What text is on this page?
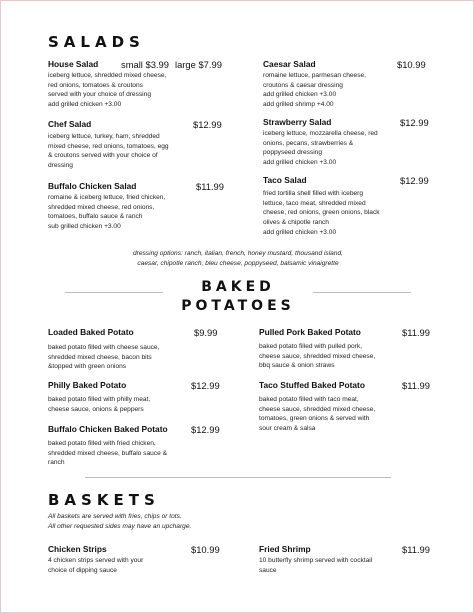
SALADS
House Salad small $3.99 large $7.99
iceberg lettuce, shredded mixed cheese,
red onions, tomatoes & croutons
served with your choice of dressing
add grilled chicken +3.00
Chef Salad	$12.99
iceberg lettuce, turkey, ham, shredded
mixed cheese, red onions, tomatoes, egg
& croutons served with your choice of
dressing
Buffalo Chicken Salad	$11.99
romaine & iceberg lettuce, fried chicken,
shredded mixed cheese, red onions,
tomatoes, buffalo sauce & ranch
sub grilled chicken +3.00
Caesar Salad	$10.99
romaine lettuce, parmesan cheese,
croutons & caesar dressing
add grilled chicken +3.00
add grilled shrimp +4.00
Strawberry Salad	$12.99
iceberg lettuce, mozzarella cheese, red
onions, pecans, strawberries &
poppyseed dressing
add grilled chicken +3.00
Taco Salad	$12.99
fried tortilla shell filled with iceberg
lettuce, taco meat, shredded mixed
cheese, red onions, green onions, black
olives & chipotle ranch
add grilled chicken +3.00
dressing options: ranch, italian, french, honey mustard, thousand island,
caesar, chipotle ranch, bleu cheese, poppyseed, balsamic vinaigrette
BAKED
POTATOES
Loaded Baked Potato	$9.99
baked potato filled with cheese sauce,
shredded mixed cheese, bacon bits
&topped with green onions
Philly Baked Potato	$12.99
baked potato filled with philly meat,
cheese sauce, onions & peppers
Buffalo Chicken Baked Potato $12.99
baked potato filled with fried chicken,
shredded mixed cheese, buffalo sauce &
ranch
Pulled Pork Baked Potato	$11.99
baked potato filled with pulled pork,
cheese sauce, shredded mixed cheese,
bbq sauce & onion straws
Taco Stuffed Baked Potato	$11.99
baked potato filled with taco meat,
cheese sauce, shredded mixed cheese,
tomatoes, green onions & served with
sour cream & salsa
BASKETS
All baskets are served with fries, chips or tots.
All other requested sides may have an upcharge.
Chicken Strips	$10.99
4 chicken strips served with your
choice of dipping sauce
Fried Shrimp	$11.99
10 butterfly shrimp served with cocktail
sauce
